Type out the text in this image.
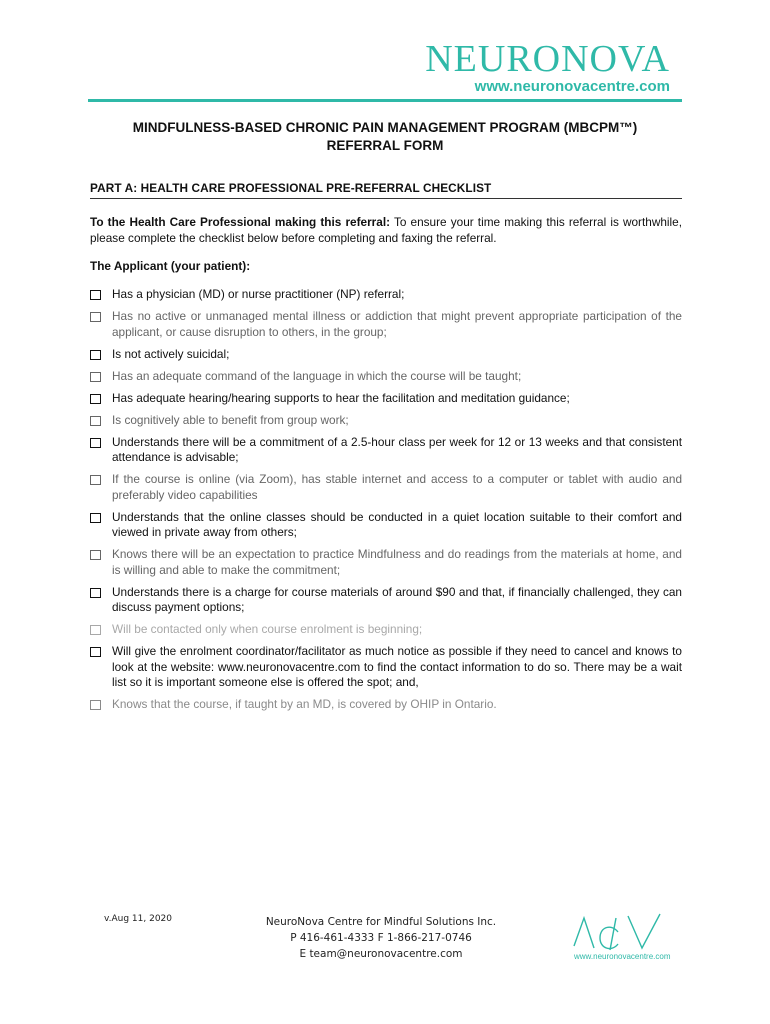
NEURONOVA
www.neuronovacentre.com
MINDFULNESS-BASED CHRONIC PAIN MANAGEMENT PROGRAM (MBCPM™)
REFERRAL FORM
PART A: HEALTH CARE PROFESSIONAL PRE-REFERRAL CHECKLIST
To the Health Care Professional making this referral: To ensure your time making this referral is worthwhile, please complete the checklist below before completing and faxing the referral.
The Applicant (your patient):
Has a physician (MD) or nurse practitioner (NP) referral;
Has no active or unmanaged mental illness or addiction that might prevent appropriate participation of the applicant, or cause disruption to others, in the group;
Is not actively suicidal;
Has an adequate command of the language in which the course will be taught;
Has adequate hearing/hearing supports to hear the facilitation and meditation guidance;
Is cognitively able to benefit from group work;
Understands there will be a commitment of a 2.5-hour class per week for 12 or 13 weeks and that consistent attendance is advisable;
If the course is online (via Zoom), has stable internet and access to a computer or tablet with audio and preferably video capabilities
Understands that the online classes should be conducted in a quiet location suitable to their comfort and viewed in private away from others;
Knows there will be an expectation to practice Mindfulness and do readings from the materials at home, and is willing and able to make the commitment;
Understands there is a charge for course materials of around $90 and that, if financially challenged, they can discuss payment options;
Will be contacted only when course enrolment is beginning;
Will give the enrolment coordinator/facilitator as much notice as possible if they need to cancel and knows to look at the website: www.neuronovacentre.com to find the contact information to do so. There may be a wait list so it is important someone else is offered the spot; and,
Knows that the course, if taught by an MD, is covered by OHIP in Ontario.
v.Aug 11, 2020	NeuroNova Centre for Mindful Solutions Inc.
P 416-461-4333 F 1-866-217-0746
E team@neuronovacentre.com	www.neuronovacentre.com
